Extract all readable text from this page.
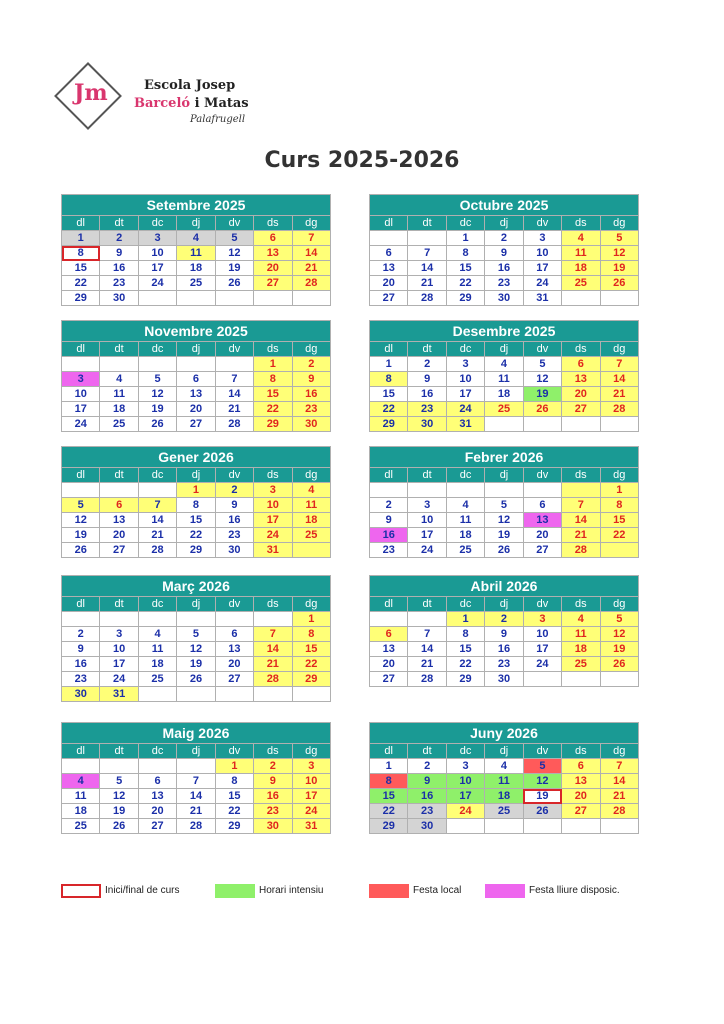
Jm	Escola Josep
Barceló i Matas
Palafrugell
Curs 2025-2026
Setembre 2025						
dl	dt	dc	dj	dv	ds	dg
1	2	3	4	5	6	7
8	9	10	11	12	13	14
15	16	17	18	19	20	21
22	23	24	25	26	27	28
29	30					
Octubre 2025						
dl	dt	dc	dj	dv	ds	dg
		1	2	3	4	5
6	7	8	9	10	11	12
13	14	15	16	17	18	19
20	21	22	23	24	25	26
27	28	29	30	31		
Novembre 2025						
dl	dt	dc	dj	dv	ds	dg
					1	2
3	4	5	6	7	8	9
10	11	12	13	14	15	16
17	18	19	20	21	22	23
24	25	26	27	28	29	30
Desembre 2025						
dl	dt	dc	dj	dv	ds	dg
1	2	3	4	5	6	7
8	9	10	11	12	13	14
15	16	17	18	19	20	21
22	23	24	25	26	27	28
29	30	31				
Gener 2026						
dl	dt	dc	dj	dv	ds	dg
			1	2	3	4
5	6	7	8	9	10	11
12	13	14	15	16	17	18
19	20	21	22	23	24	25
26	27	28	29	30	31	
Febrer 2026						
dl	dt	dc	dj	dv	ds	dg
						1
2	3	4	5	6	7	8
9	10	11	12	13	14	15
16	17	18	19	20	21	22
23	24	25	26	27	28	
Març 2026						
dl	dt	dc	dj	dv	ds	dg
						1
2	3	4	5	6	7	8
9	10	11	12	13	14	15
16	17	18	19	20	21	22
23	24	25	26	27	28	29
30	31					
Abril 2026						
dl	dt	dc	dj	dv	ds	dg
		1	2	3	4	5
6	7	8	9	10	11	12
13	14	15	16	17	18	19
20	21	22	23	24	25	26
27	28	29	30			
Maig 2026						
dl	dt	dc	dj	dv	ds	dg
				1	2	3
4	5	6	7	8	9	10
11	12	13	14	15	16	17
18	19	20	21	22	23	24
25	26	27	28	29	30	31
Juny 2026						
dl	dt	dc	dj	dv	ds	dg
1	2	3	4	5	6	7
8	9	10	11	12	13	14
15	16	17	18	19	20	21
22	23	24	25	26	27	28
29	30					
Inici/final de curs	Horari intensiu	Festa local	Festa lliure disposic.
